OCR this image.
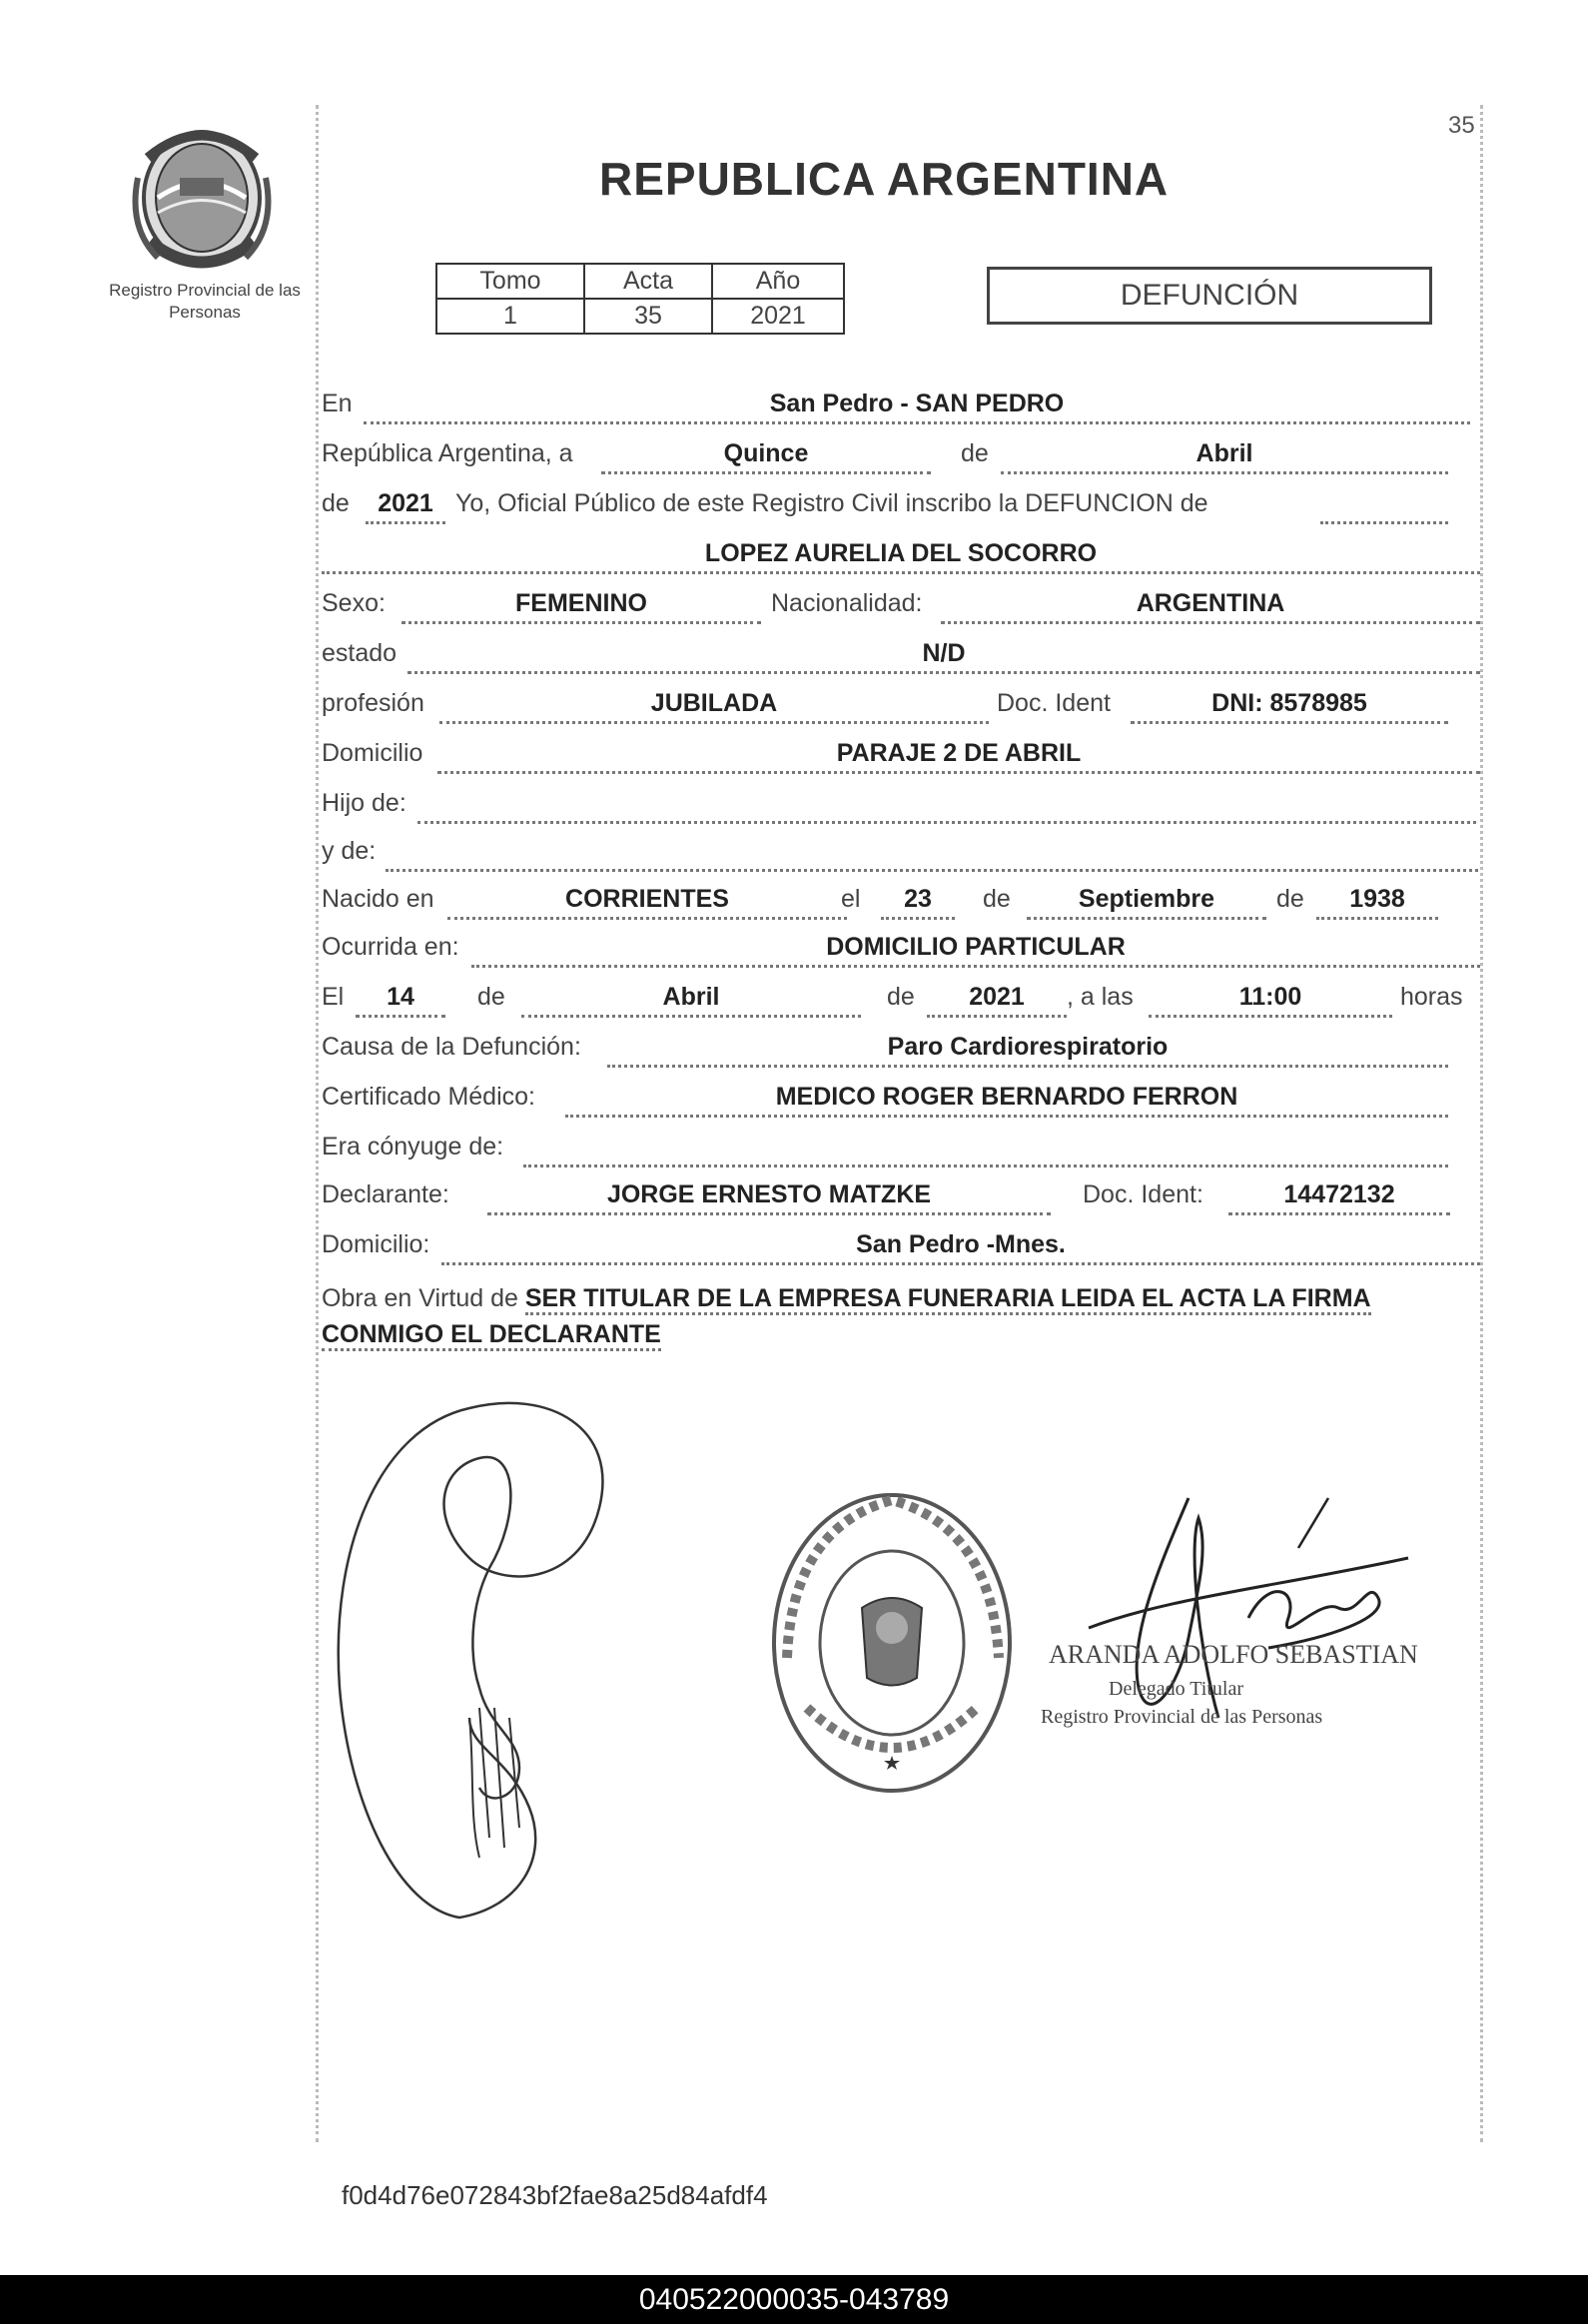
Registro Provincial de las Personas
35
REPUBLICA ARGENTINA
Tomo	Acta	Año
1	35	2021
DEFUNCIÓN
En	San Pedro - SAN PEDRO
República Argentina, a	Quince	de	Abril
de	2021 Yo, Oficial Público de este Registro Civil inscribo la DEFUNCION de
LOPEZ AURELIA DEL SOCORRO
Sexo:	FEMENINO	Nacionalidad:	ARGENTINA
estado	N/D
profesión	JUBILADA	Doc. Ident	DNI: 8578985
Domicilio	PARAJE 2 DE ABRIL
Hijo de:
y de:
Nacido en	CORRIENTES	el	23	de	Septiembre	de	1938
Ocurrida en:	DOMICILIO PARTICULAR
El	14	de	Abril	de	2021	, a las	11:00	horas
Causa de la Defunción:	Paro Cardiorespiratorio
Certificado Médico:	MEDICO ROGER BERNARDO FERRON
Era cónyuge de:
Declarante:	JORGE ERNESTO MATZKE	Doc. Ident:	14472132
Domicilio:	San Pedro -Mnes.
Obra en Virtud de SER TITULAR DE LA EMPRESA FUNERARIA LEIDA EL ACTA LA FIRMA CONMIGO EL DECLARANTE
ARANDA ADOLFO SEBASTIAN
Delegado Titular
Registro Provincial de las Personas
f0d4d76e072843bf2fae8a25d84afdf4
040522000035-043789
